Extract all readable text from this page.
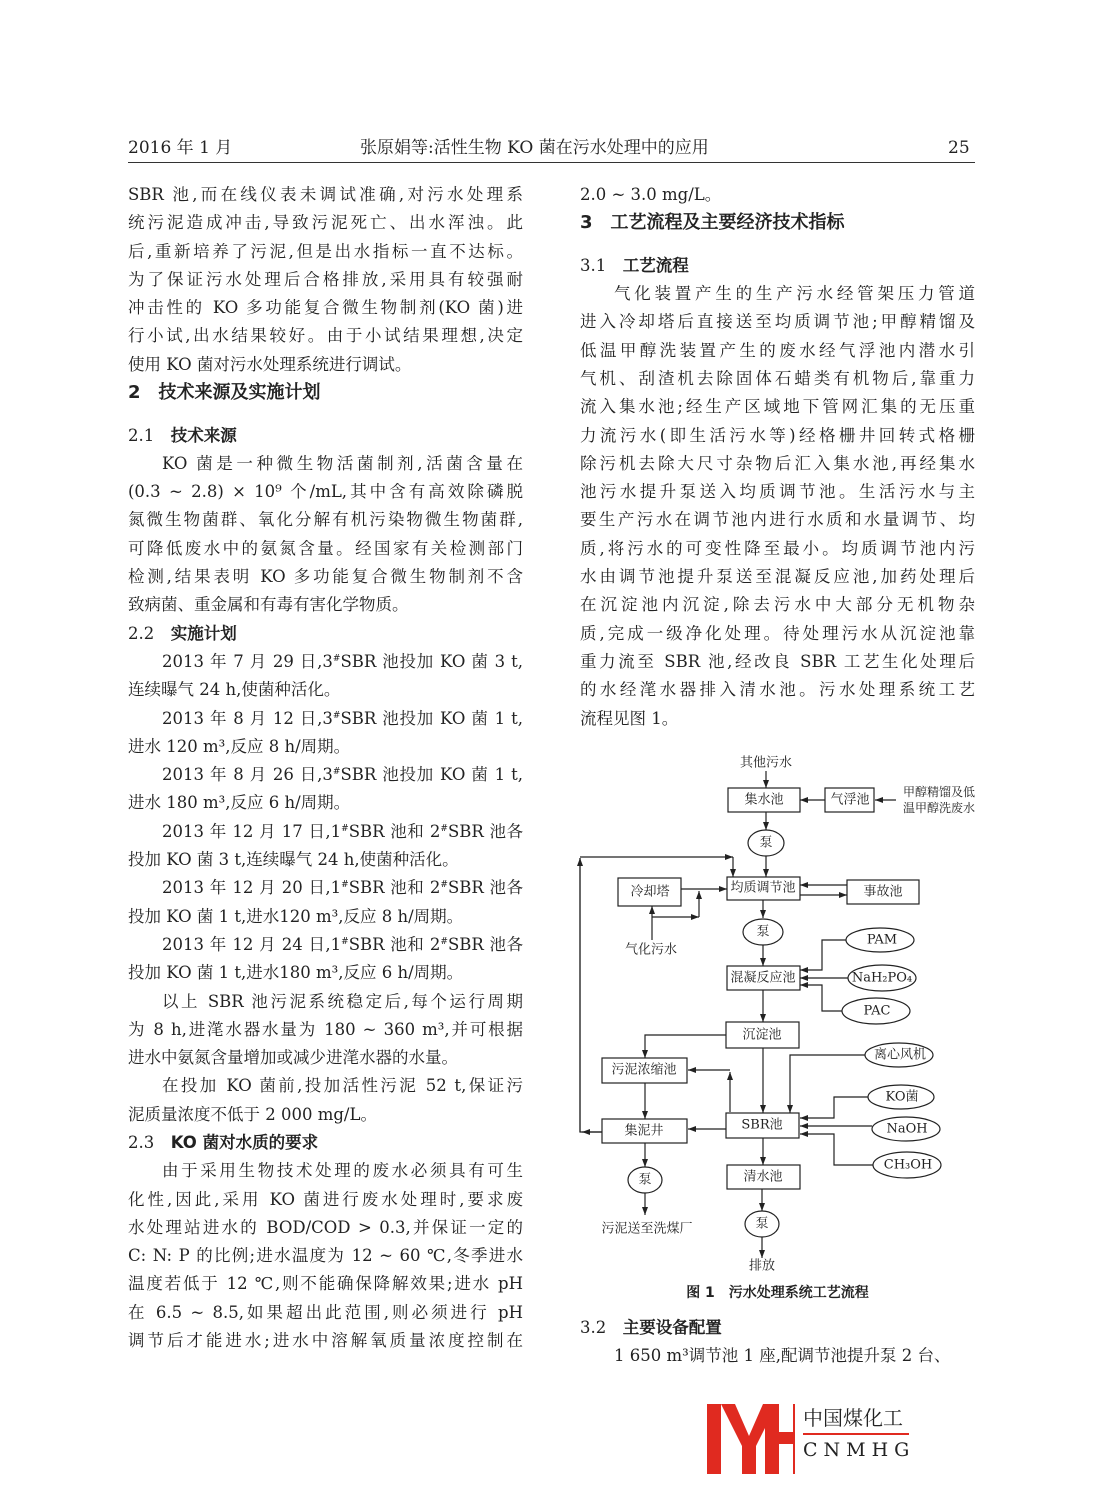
2016 年 1 月	张原娟等:活性生物 KO 菌在污水处理中的应用	25
SBR 池,而在线仪表未调试准确,对污水处理系
统污泥造成冲击,导致污泥死亡、出水浑浊。此
后,重新培养了污泥,但是出水指标一直不达标。
为了保证污水处理后合格排放,采用具有较强耐
冲击性的 KO 多功能复合微生物制剂(KO 菌)进
行小试,出水结果较好。由于小试结果理想,决定
使用 KO 菌对污水处理系统进行调试。
2　技术来源及实施计划
2.1　 技术来源
KO 菌是一种微生物活菌制剂,活菌含量在
(0.3 ~ 2.8) × 10⁹ 个/mL,其中含有高效除磷脱
氮微生物菌群、氧化分解有机污染物微生物菌群,
可降低废水中的氨氮含量。经国家有关检测部门
检测,结果表明 KO 多功能复合微生物制剂不含
致病菌、重金属和有毒有害化学物质。
2.2　 实施计划
2013 年 7 月 29 日,3#SBR 池投加 KO 菌 3 t,
连续曝气 24 h,使菌种活化。
2013 年 8 月 12 日,3#SBR 池投加 KO 菌 1 t,
进水 120 m³,反应 8 h/周期。
2013 年 8 月 26 日,3#SBR 池投加 KO 菌 1 t,
进水 180 m³,反应 6 h/周期。
2013 年 12 月 17 日,1#SBR 池和 2#SBR 池各
投加 KO 菌 3 t,连续曝气 24 h,使菌种活化。
2013 年 12 月 20 日,1#SBR 池和 2#SBR 池各
投加 KO 菌 1 t,进水120 m³,反应 8 h/周期。
2013 年 12 月 24 日,1#SBR 池和 2#SBR 池各
投加 KO 菌 1 t,进水180 m³,反应 6 h/周期。
以上 SBR 池污泥系统稳定后,每个运行周期
为 8 h,进滗水器水量为 180 ~ 360 m³,并可根据
进水中氨氮含量增加或减少进滗水器的水量。
在投加 KO 菌前,投加活性污泥 52 t,保证污
泥质量浓度不低于 2 000 mg/L。
2.3　 KO 菌对水质的要求
由于采用生物技术处理的废水必须具有可生
化性,因此,采用 KO 菌进行废水处理时,要求废
水处理站进水的 BOD/COD > 0.3,并保证一定的
C: N: P 的比例;进水温度为 12 ~ 60 ℃,冬季进水
温度若低于 12 ℃,则不能确保降解效果;进水 pH
在 6.5 ~ 8.5,如果超出此范围,则必须进行 pH
调节后才能进水;进水中溶解氧质量浓度控制在
2.0 ~ 3.0 mg/L。
3　工艺流程及主要经济技术指标
3.1　 工艺流程
气化装置产生的生产污水经管架压力管道
进入冷却塔后直接送至均质调节池;甲醇精馏及
低温甲醇洗装置产生的废水经气浮池内潜水引
气机、刮渣机去除固体石蜡类有机物后,靠重力
流入集水池;经生产区域地下管网汇集的无压重
力流污水(即生活污水等)经格栅井回转式格栅
除污机去除大尺寸杂物后汇入集水池,再经集水
池污水提升泵送入均质调节池。生活污水与主
要生产污水在调节池内进行水质和水量调节、均
质,将污水的可变性降至最小。均质调节池内污
水由调节池提升泵送至混凝反应池,加药处理后
在沉淀池内沉淀,除去污水中大部分无机物杂
质,完成一级净化处理。待处理污水从沉淀池靠
重力流至 SBR 池,经改良 SBR 工艺生化处理后
的水经滗水器排入清水池。污水处理系统工艺
流程见图 1。
其他污水
集水池	气浮池
甲醇精馏及低
温甲醇洗废水
泵
均质调节池
冷却塔	事故池
气化污水
泵
混凝反应池
PAM
NaH₂PO₄
PAC
沉淀池
污泥浓缩池
离心风机
KO菌
NaOH
CH₃OH
SBR池
集泥井
清水池
泵
泵
污泥送至洗煤厂
排放
图 1　污水处理系统工艺流程
3.2　 主要设备配置
1 650 m³调节池 1 座,配调节池提升泵 2 台、
中国煤化工
CNMHG
